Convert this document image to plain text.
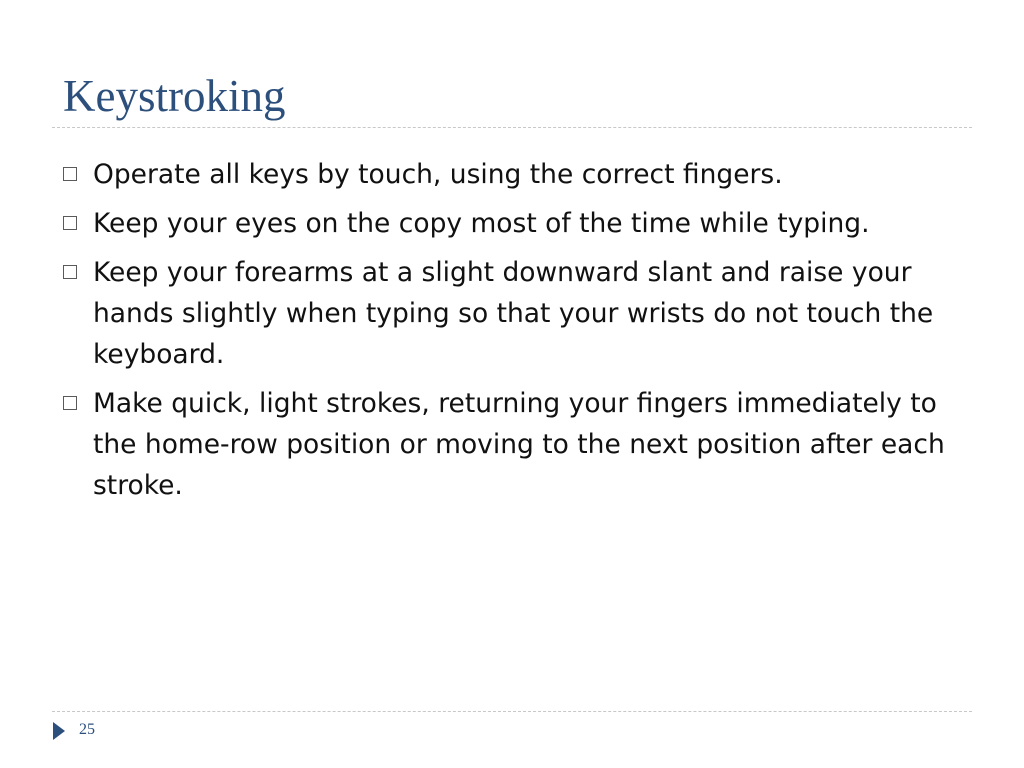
Keystroking
Operate all keys by touch, using the correct fingers.
Keep your eyes on the copy most of the time while typing.
Keep your forearms at a slight downward slant and raise your hands slightly when typing so that your wrists do not touch the keyboard.
Make quick, light strokes, returning your fingers immediately to the home-row position or moving to the next position after each stroke.
25
